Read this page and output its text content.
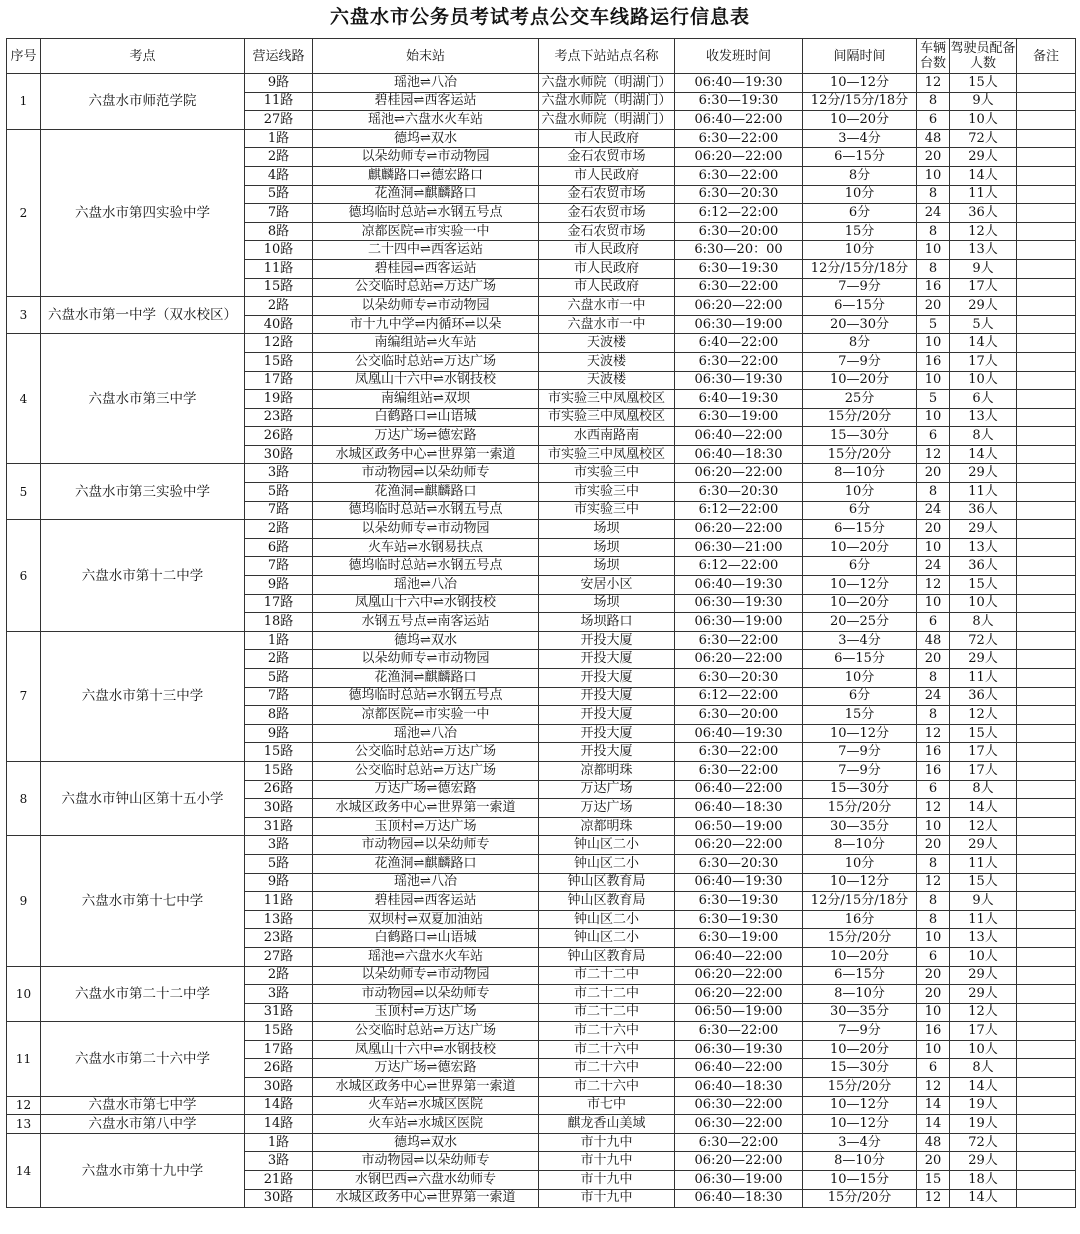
六盘水市公务员考试考点公交车线路运行信息表
序号	考点	营运线路	始末站	考点下站站点名称	收发班时间	间隔时间	车辆台数	驾驶员配备人数	备注
1	六盘水市师范学院	9路	瑶池⇌八冶	六盘水师院（明湖门）	06:40—19:30	10—12分	12	15人	
		11路	碧桂园⇌西客运站	六盘水师院（明湖门）	6:30—19:30	12分/15分/18分	8	9人	
		27路	瑶池⇌六盘水火车站	六盘水师院（明湖门）	06:40—22:00	10—20分	6	10人	
2	六盘水市第四实验中学	1路	德坞⇌双水	市人民政府	6:30—22:00	3—4分	48	72人	
		2路	以朵幼师专⇌市动物园	金石农贸市场	06:20—22:00	6—15分	20	29人	
		4路	麒麟路口⇌德宏路口	市人民政府	6:30—22:00	8分	10	14人	
		5路	花渔洞⇌麒麟路口	金石农贸市场	6:30—20:30	10分	8	11人	
		7路	德坞临时总站⇌水钢五号点	金石农贸市场	6:12—22:00	6分	24	36人	
		8路	凉都医院⇌市实验一中	金石农贸市场	6:30—20:00	15分	8	12人	
		10路	二十四中⇌西客运站	市人民政府	6:30—20：00	10分	10	13人	
		11路	碧桂园⇌西客运站	市人民政府	6:30—19:30	12分/15分/18分	8	9人	
		15路	公交临时总站⇌万达广场	市人民政府	6:30—22:00	7—9分	16	17人	
3	六盘水市第一中学（双水校区）	2路	以朵幼师专⇌市动物园	六盘水市一中	06:20—22:00	6—15分	20	29人	
		40路	市十九中学⇌内循环⇌以朵	六盘水市一中	06:30—19:00	20—30分	5	5人	
4	六盘水市第三中学	12路	南编组站⇌火车站	天波楼	6:40—22:00	8分	10	14人	
		15路	公交临时总站⇌万达广场	天波楼	6:30—22:00	7—9分	16	17人	
		17路	凤凰山十六中⇌水钢技校	天波楼	06:30—19:30	10—20分	10	10人	
		19路	南编组站⇌双坝	市实验三中凤凰校区	6:40—19:30	25分	5	6人	
		23路	白鹤路口⇌山语城	市实验三中凤凰校区	6:30—19:00	15分/20分	10	13人	
		26路	万达广场⇌德宏路	水西南路南	06:40—22:00	15—30分	6	8人	
		30路	水城区政务中心⇌世界第一索道	市实验三中凤凰校区	06:40—18:30	15分/20分	12	14人	
5	六盘水市第三实验中学	3路	市动物园⇌以朵幼师专	市实验三中	06:20—22:00	8—10分	20	29人	
		5路	花渔洞⇌麒麟路口	市实验三中	6:30—20:30	10分	8	11人	
		7路	德坞临时总站⇌水钢五号点	市实验三中	6:12—22:00	6分	24	36人	
6	六盘水市第十二中学	2路	以朵幼师专⇌市动物园	场坝	06:20—22:00	6—15分	20	29人	
		6路	火车站⇌水钢易扶点	场坝	06:30—21:00	10—20分	10	13人	
		7路	德坞临时总站⇌水钢五号点	场坝	6:12—22:00	6分	24	36人	
		9路	瑶池⇌八冶	安居小区	06:40—19:30	10—12分	12	15人	
		17路	凤凰山十六中⇌水钢技校	场坝	06:30—19:30	10—20分	10	10人	
		18路	水钢五号点⇌南客运站	场坝路口	06:30—19:00	20—25分	6	8人	
7	六盘水市第十三中学	1路	德坞⇌双水	开投大厦	6:30—22:00	3—4分	48	72人	
		2路	以朵幼师专⇌市动物园	开投大厦	06:20—22:00	6—15分	20	29人	
		5路	花渔洞⇌麒麟路口	开投大厦	6:30—20:30	10分	8	11人	
		7路	德坞临时总站⇌水钢五号点	开投大厦	6:12—22:00	6分	24	36人	
		8路	凉都医院⇌市实验一中	开投大厦	6:30—20:00	15分	8	12人	
		9路	瑶池⇌八冶	开投大厦	06:40—19:30	10—12分	12	15人	
		15路	公交临时总站⇌万达广场	开投大厦	6:30—22:00	7—9分	16	17人	
8	六盘水市钟山区第十五小学	15路	公交临时总站⇌万达广场	凉都明珠	6:30—22:00	7—9分	16	17人	
		26路	万达广场⇌德宏路	万达广场	06:40—22:00	15—30分	6	8人	
		30路	水城区政务中心⇌世界第一索道	万达广场	06:40—18:30	15分/20分	12	14人	
		31路	玉顶村⇌万达广场	凉都明珠	06:50—19:00	30—35分	10	12人	
9	六盘水市第十七中学	3路	市动物园⇌以朵幼师专	钟山区二小	06:20—22:00	8—10分	20	29人	
		5路	花渔洞⇌麒麟路口	钟山区二小	6:30—20:30	10分	8	11人	
		9路	瑶池⇌八冶	钟山区教育局	06:40—19:30	10—12分	12	15人	
		11路	碧桂园⇌西客运站	钟山区教育局	6:30—19:30	12分/15分/18分	8	9人	
		13路	双坝村⇌双夏加油站	钟山区二小	6:30—19:30	16分	8	11人	
		23路	白鹤路口⇌山语城	钟山区二小	6:30—19:00	15分/20分	10	13人	
		27路	瑶池⇌六盘水火车站	钟山区教育局	06:40—22:00	10—20分	6	10人	
10	六盘水市第二十二中学	2路	以朵幼师专⇌市动物园	市二十二中	06:20—22:00	6—15分	20	29人	
		3路	市动物园⇌以朵幼师专	市二十二中	06:20—22:00	8—10分	20	29人	
		31路	玉顶村⇌万达广场	市二十二中	06:50—19:00	30—35分	10	12人	
11	六盘水市第二十六中学	15路	公交临时总站⇌万达广场	市二十六中	6:30—22:00	7—9分	16	17人	
		17路	凤凰山十六中⇌水钢技校	市二十六中	06:30—19:30	10—20分	10	10人	
		26路	万达广场⇌德宏路	市二十六中	06:40—22:00	15—30分	6	8人	
		30路	水城区政务中心⇌世界第一索道	市二十六中	06:40—18:30	15分/20分	12	14人	
12	六盘水市第七中学	14路	火车站⇌水城区医院	市七中	06:30—22:00	10—12分	14	19人	
13	六盘水市第八中学	14路	火车站⇌水城区医院	麒龙香山美域	06:30—22:00	10—12分	14	19人	
14	六盘水市第十九中学	1路	德坞⇌双水	市十九中	6:30—22:00	3—4分	48	72人	
		3路	市动物园⇌以朵幼师专	市十九中	06:20—22:00	8—10分	20	29人	
		21路	水钢巴西⇌六盘水幼师专	市十九中	06:30—19:00	10—15分	15	18人	
		30路	水城区政务中心⇌世界第一索道	市十九中	06:40—18:30	15分/20分	12	14人	
